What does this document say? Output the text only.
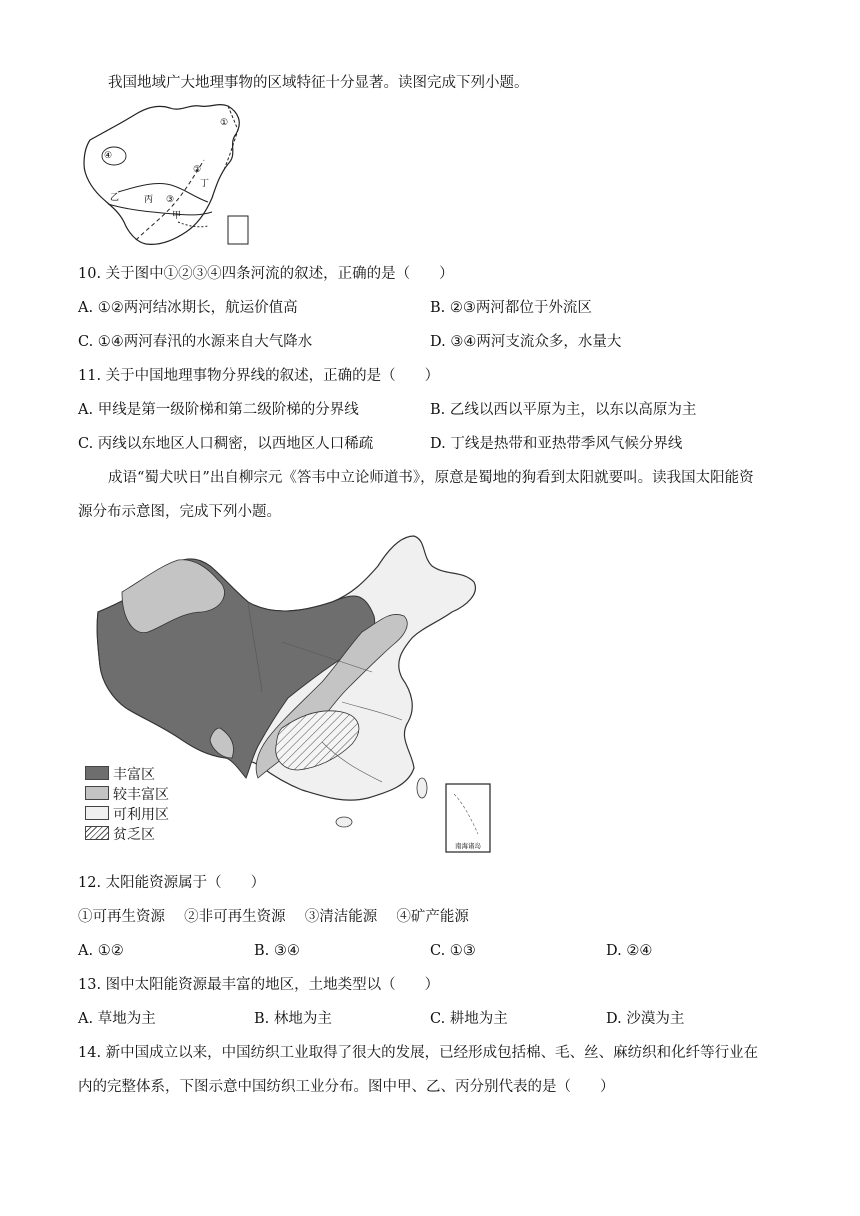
我国地域广大地理事物的区域特征十分显著。读图完成下列小题。
①
②
③
④
甲
乙	丙
丁
10. 关于图中①②③④四条河流的叙述，正确的是（　　）
A. ①②两河结冰期长，航运价值高	B. ②③两河都位于外流区
C. ①④两河春汛的水源来自大气降水	D. ③④两河支流众多，水量大
11. 关于中国地理事物分界线的叙述，正确的是（　　）
A. 甲线是第一级阶梯和第二级阶梯的分界线	B. 乙线以西以平原为主，以东以高原为主
C. 丙线以东地区人口稠密，以西地区人口稀疏	D. 丁线是热带和亚热带季风气候分界线
成语“蜀犬吠日”出自柳宗元《答韦中立论师道书》，原意是蜀地的狗看到太阳就要叫。读我国太阳能资
源分布示意图，完成下列小题。
南海诸岛
丰富区
较丰富区
可利用区
贫乏区
12. 太阳能资源属于（　　）
①可再生资源　 ②非可再生资源　 ③清洁能源　 ④矿产能源
A. ①②	B. ③④	C. ①③	D. ②④
13. 图中太阳能资源最丰富的地区，土地类型以（　　）
A. 草地为主	B. 林地为主	C. 耕地为主	D. 沙漠为主
14. 新中国成立以来，中国纺织工业取得了很大的发展，已经形成包括棉、毛、丝、麻纺织和化纤等行业在
内的完整体系，下图示意中国纺织工业分布。图中甲、乙、丙分别代表的是（　　）
